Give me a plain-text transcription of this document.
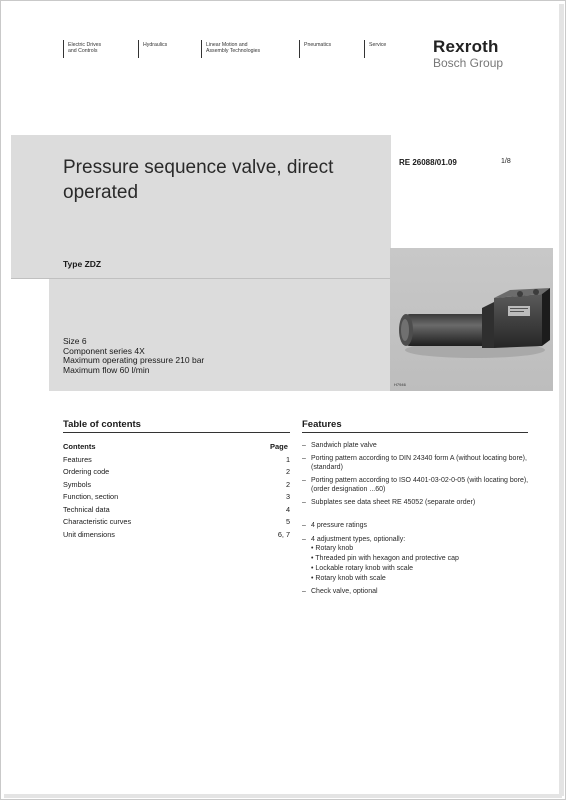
Electric Drives
and Controls
Hydraulics	Linear Motion and
Assembly Technologies
Pneumatics	Service	Rexroth
Bosch Group
Pressure sequence valve, direct operated
RE 26088/01.09	1/8
Type ZDZ
Size 6
Component series 4X
Maximum operating pressure 210 bar
Maximum flow 60 l/min
H7946
Table of contents
Contents	Page
Features	1
Ordering code	2
Symbols	2
Function, section	3
Technical data	4
Characteristic curves	5
Unit dimensions	6, 7
Features
– Sandwich plate valve
– Porting pattern according to DIN 24340 form A (without locating bore), (standard)
– Porting pattern according to ISO 4401-03-02-0-05 (with locating bore), (order designation ...60)
– Subplates see data sheet RE 45052 (separate order)
– 4 pressure ratings
– 4 adjustment types, optionally:
• Rotary knob
• Threaded pin with hexagon and protective cap
• Lockable rotary knob with scale
• Rotary knob with scale
– Check valve, optional
